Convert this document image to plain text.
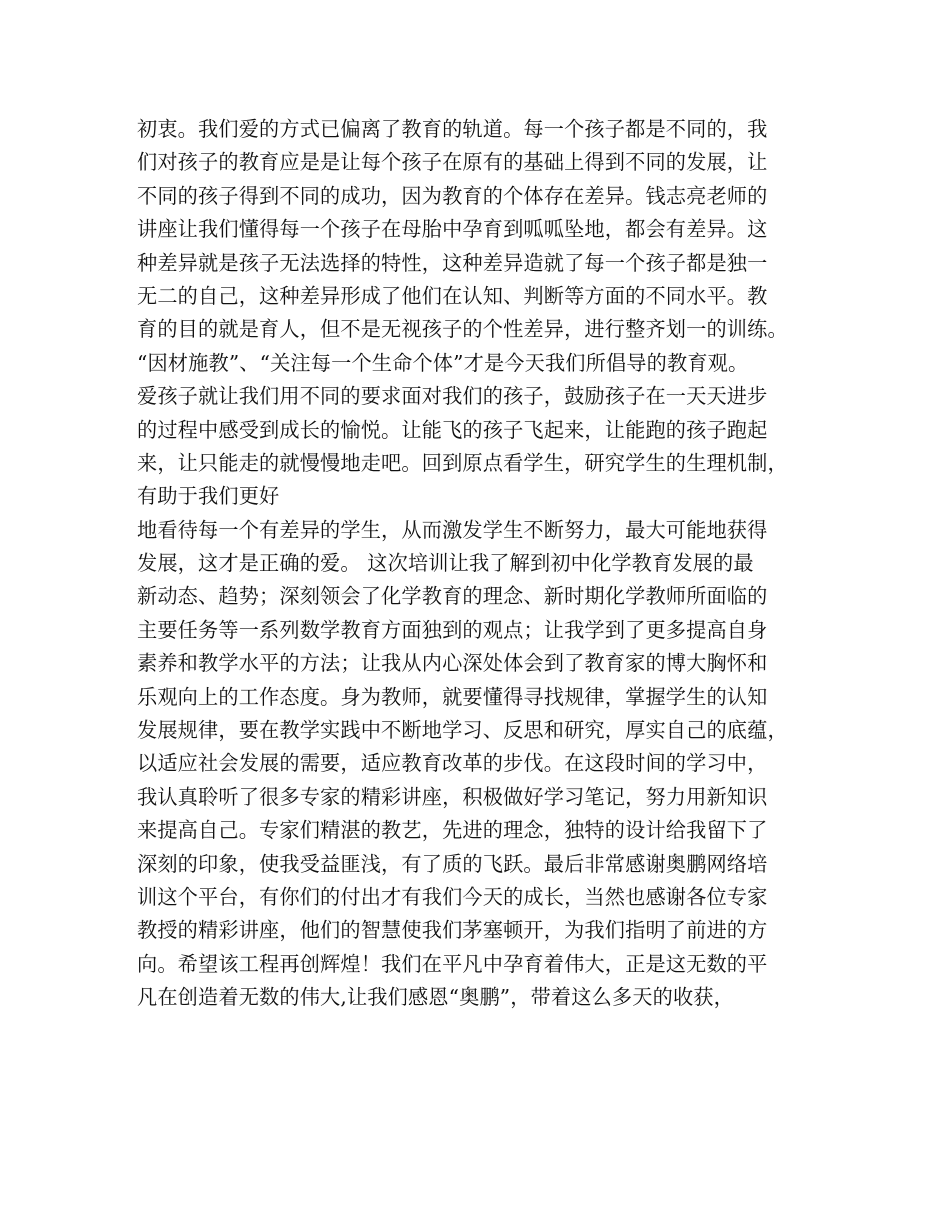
初衷。我们爱的方式已偏离了教育的轨道。每一个孩子都是不同的，我
们对孩子的教育应是是让每个孩子在原有的基础上得到不同的发展，让
不同的孩子得到不同的成功，因为教育的个体存在差异。钱志亮老师的
讲座让我们懂得每一个孩子在母胎中孕育到呱呱坠地，都会有差异。这
种差异就是孩子无法选择的特性，这种差异造就了每一个孩子都是独一
无二的自己，这种差异形成了他们在认知、判断等方面的不同水平。教
育的目的就是育人，但不是无视孩子的个性差异，进行整齐划一的训练。
“因材施教”、“关注每一个生命个体”才是今天我们所倡导的教育观。
爱孩子就让我们用不同的要求面对我们的孩子，鼓励孩子在一天天进步
的过程中感受到成长的愉悦。让能飞的孩子飞起来，让能跑的孩子跑起
来，让只能走的就慢慢地走吧。回到原点看学生，研究学生的生理机制，
有助于我们更好
地看待每一个有差异的学生，从而激发学生不断努力，最大可能地获得
发展，这才是正确的爱。 这次培训让我了解到初中化学教育发展的最
新动态、趋势；深刻领会了化学教育的理念、新时期化学教师所面临的
主要任务等一系列数学教育方面独到的观点；让我学到了更多提高自身
素养和教学水平的方法；让我从内心深处体会到了教育家的博大胸怀和
乐观向上的工作态度。身为教师，就要懂得寻找规律，掌握学生的认知
发展规律，要在教学实践中不断地学习、反思和研究，厚实自己的底蕴，
以适应社会发展的需要，适应教育改革的步伐。在这段时间的学习中，
我认真聆听了很多专家的精彩讲座，积极做好学习笔记，努力用新知识
来提高自己。专家们精湛的教艺，先进的理念，独特的设计给我留下了
深刻的印象，使我受益匪浅，有了质的飞跃。最后非常感谢奥鹏网络培
训这个平台，有你们的付出才有我们今天的成长，当然也感谢各位专家
教授的精彩讲座，他们的智慧使我们茅塞顿开，为我们指明了前进的方
向。希望该工程再创辉煌！我们在平凡中孕育着伟大，正是这无数的平
凡在创造着无数的伟大,让我们感恩“奥鹏”，带着这么多天的收获，
